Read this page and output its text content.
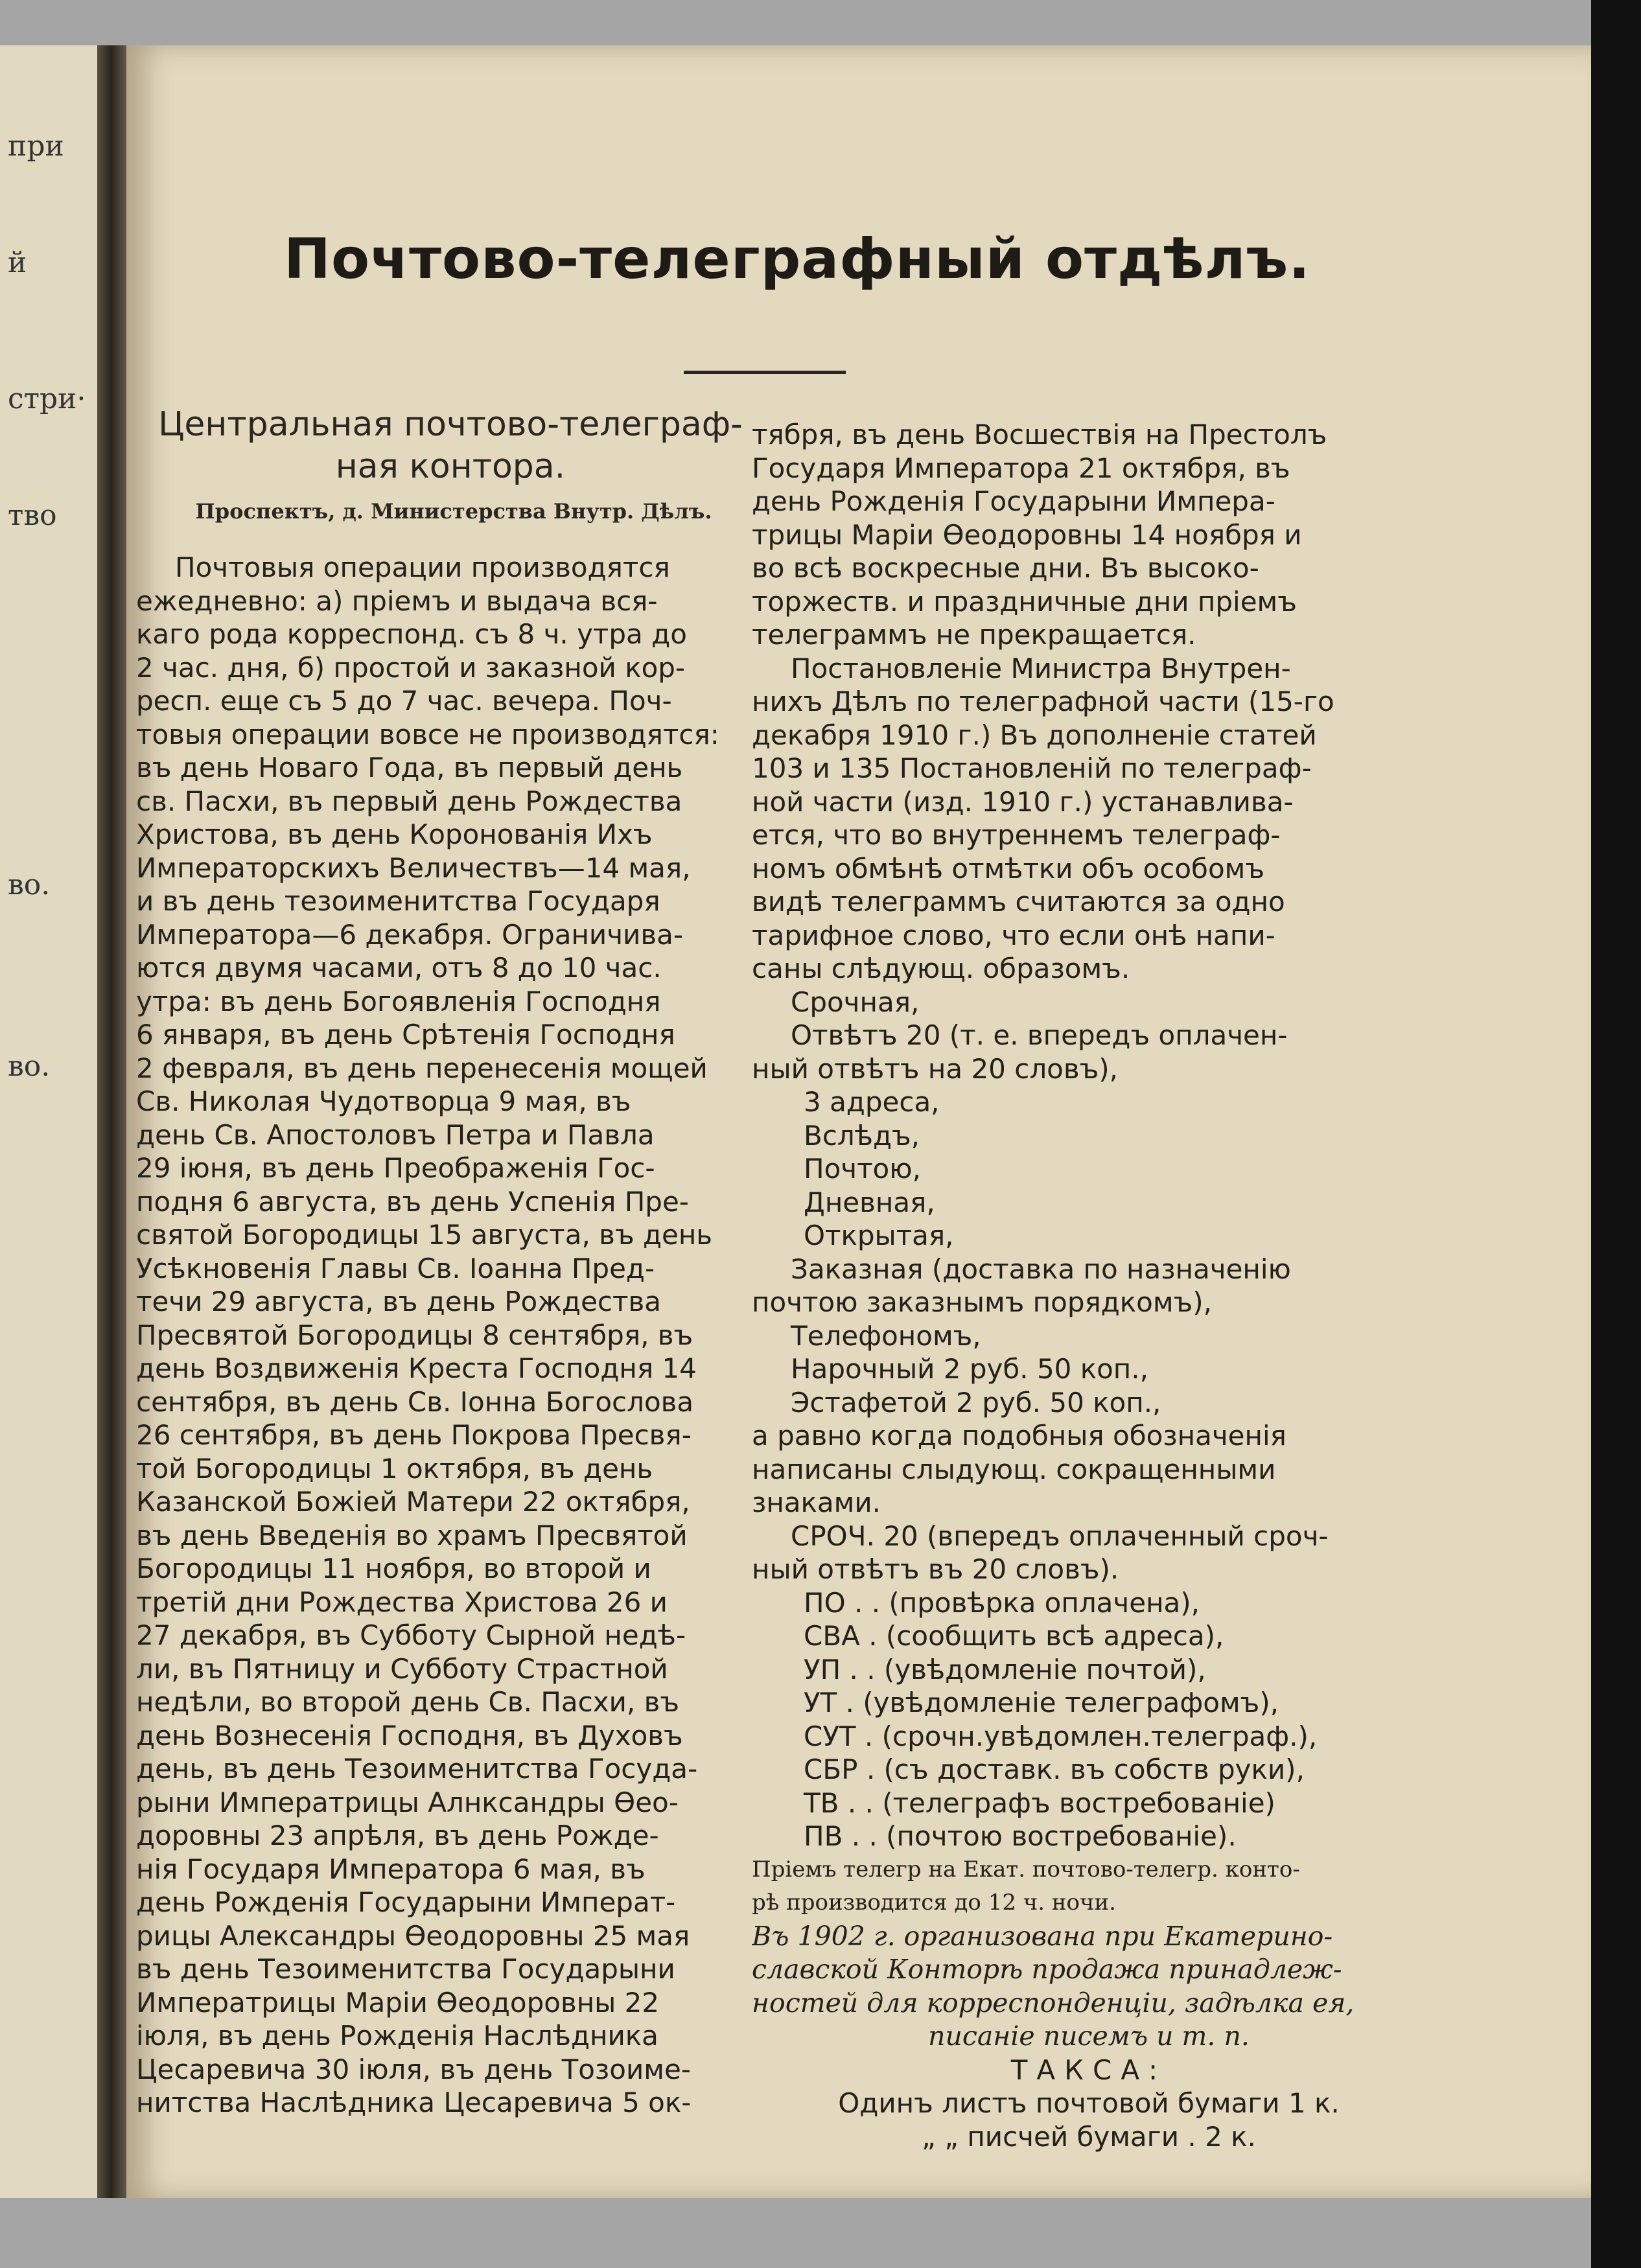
при
й
стри·
тво
во.
во.
Почтово-телеграфный отдѣлъ.
Центральная почтово-телеграф-
ная контора.
Проспектъ, д. Министерства Внутр. Дѣлъ.
Почтовыя операции производятся
ежедневно: а) пріемъ и выдача вся-
каго рода корреспонд. съ 8 ч. утра до
2 час. дня, б) простой и заказной кор-
респ. еще съ 5 до 7 час. вечера. Поч-
товыя операции вовсе не производятся:
въ день Новаго Года, въ первый день
св. Пасхи, въ первый день Рождества
Христова, въ день Коронованія Ихъ
Императорскихъ Величествъ—14 мая,
и въ день тезоименитства Государя
Императора—6 декабря. Ограничива-
ются двумя часами, отъ 8 до 10 час.
утра: въ день Богоявленія Господня
6 января, въ день Срѣтенія Господня
2 февраля, въ день перенесенія мощей
Св. Николая Чудотворца 9 мая, въ
день Св. Апостоловъ Петра и Павла
29 іюня, въ день Преображенія Гос-
подня 6 августа, въ день Успенія Пре-
святой Богородицы 15 августа, въ день
Усѣкновенія Главы Св. Іоанна Пред-
течи 29 августа, въ день Рождества
Пресвятой Богородицы 8 сентября, въ
день Воздвиженія Креста Господня 14
сентября, въ день Св. Іонна Богослова
26 сентября, въ день Покрова Пресвя-
той Богородицы 1 октября, въ день
Казанской Божіей Матери 22 октября,
въ день Введенія во храмъ Пресвятой
Богородицы 11 ноября, во второй и
третій дни Рождества Христова 26 и
27 декабря, въ Субботу Сырной недѣ-
ли, въ Пятницу и Субботу Страстной
недѣли, во второй день Св. Пасхи, въ
день Вознесенія Господня, въ Духовъ
день, въ день Тезоименитства Госуда-
рыни Императрицы Алнксандры Ѳео-
доровны 23 апрѣля, въ день Рожде-
нія Государя Императора 6 мая, въ
день Рожденія Государыни Императ-
рицы Александры Ѳеодоровны 25 мая
въ день Тезоименитства Государыни
Императрицы Маріи Ѳеодоровны 22
іюля, въ день Рожденія Наслѣдника
Цесаревича 30 іюля, въ день Тозоиме-
нитства Наслѣдника Цесаревича 5 ок-
тября, въ день Восшествія на Престолъ
Государя Императора 21 октября, въ
день Рожденія Государыни Импера-
трицы Маріи Ѳеодоровны 14 ноября и
во всѣ воскресные дни. Въ высоко-
торжеств. и праздничные дни пріемъ
телеграммъ не прекращается.
Постановленіе Министра Внутрен-
нихъ Дѣлъ по телеграфной части (15-го
декабря 1910 г.) Въ дополненіе статей
103 и 135 Постановленій по телеграф-
ной части (изд. 1910 г.) устанавлива-
ется, что во внутреннемъ телеграф-
номъ обмѣнѣ отмѣтки объ особомъ
видѣ телеграммъ считаются за одно
тарифное слово, что если онѣ напи-
саны слѣдующ. образомъ.
Срочная,
Отвѣтъ 20 (т. е. впередъ оплачен-
ный отвѣтъ на 20 словъ),
3 адреса,
Вслѣдъ,
Почтою,
Дневная,
Открытая,
Заказная (доставка по назначенію
почтою заказнымъ порядкомъ),
Телефономъ,
Нарочный 2 руб. 50 коп.,
Эстафетой 2 руб. 50 коп.,
а равно когда подобныя обозначенія
написаны слыдующ. сокращенными
знаками.
СРОЧ. 20 (впередъ оплаченный сроч-
ный отвѣтъ въ 20 словъ).
ПО . . (провѣрка оплачена),
СВА . (сообщить всѣ адреса),
УП . . (увѣдомленіе почтой),
УТ . (увѣдомленіе телеграфомъ),
СУТ . (срочн.увѣдомлен.телеграф.),
СБР . (съ доставк. въ собств руки),
ТВ . . (телеграфъ востребованіе)
ПВ . . (почтою востребованіе).
Пріемъ телегр на Екат. почтово-телегр. конто-
рѣ производится до 12 ч. ночи.
Въ 1902 г. организована при Екатерино-
славской Конторѣ продажа принадлеж-
ностей для корреспонденціи, задѣлка ея,
писаніе писемъ и т. п.
ТАКСА:
Одинъ листъ почтовой бумаги 1 к.
„ „ писчей бумаги . 2 к.
